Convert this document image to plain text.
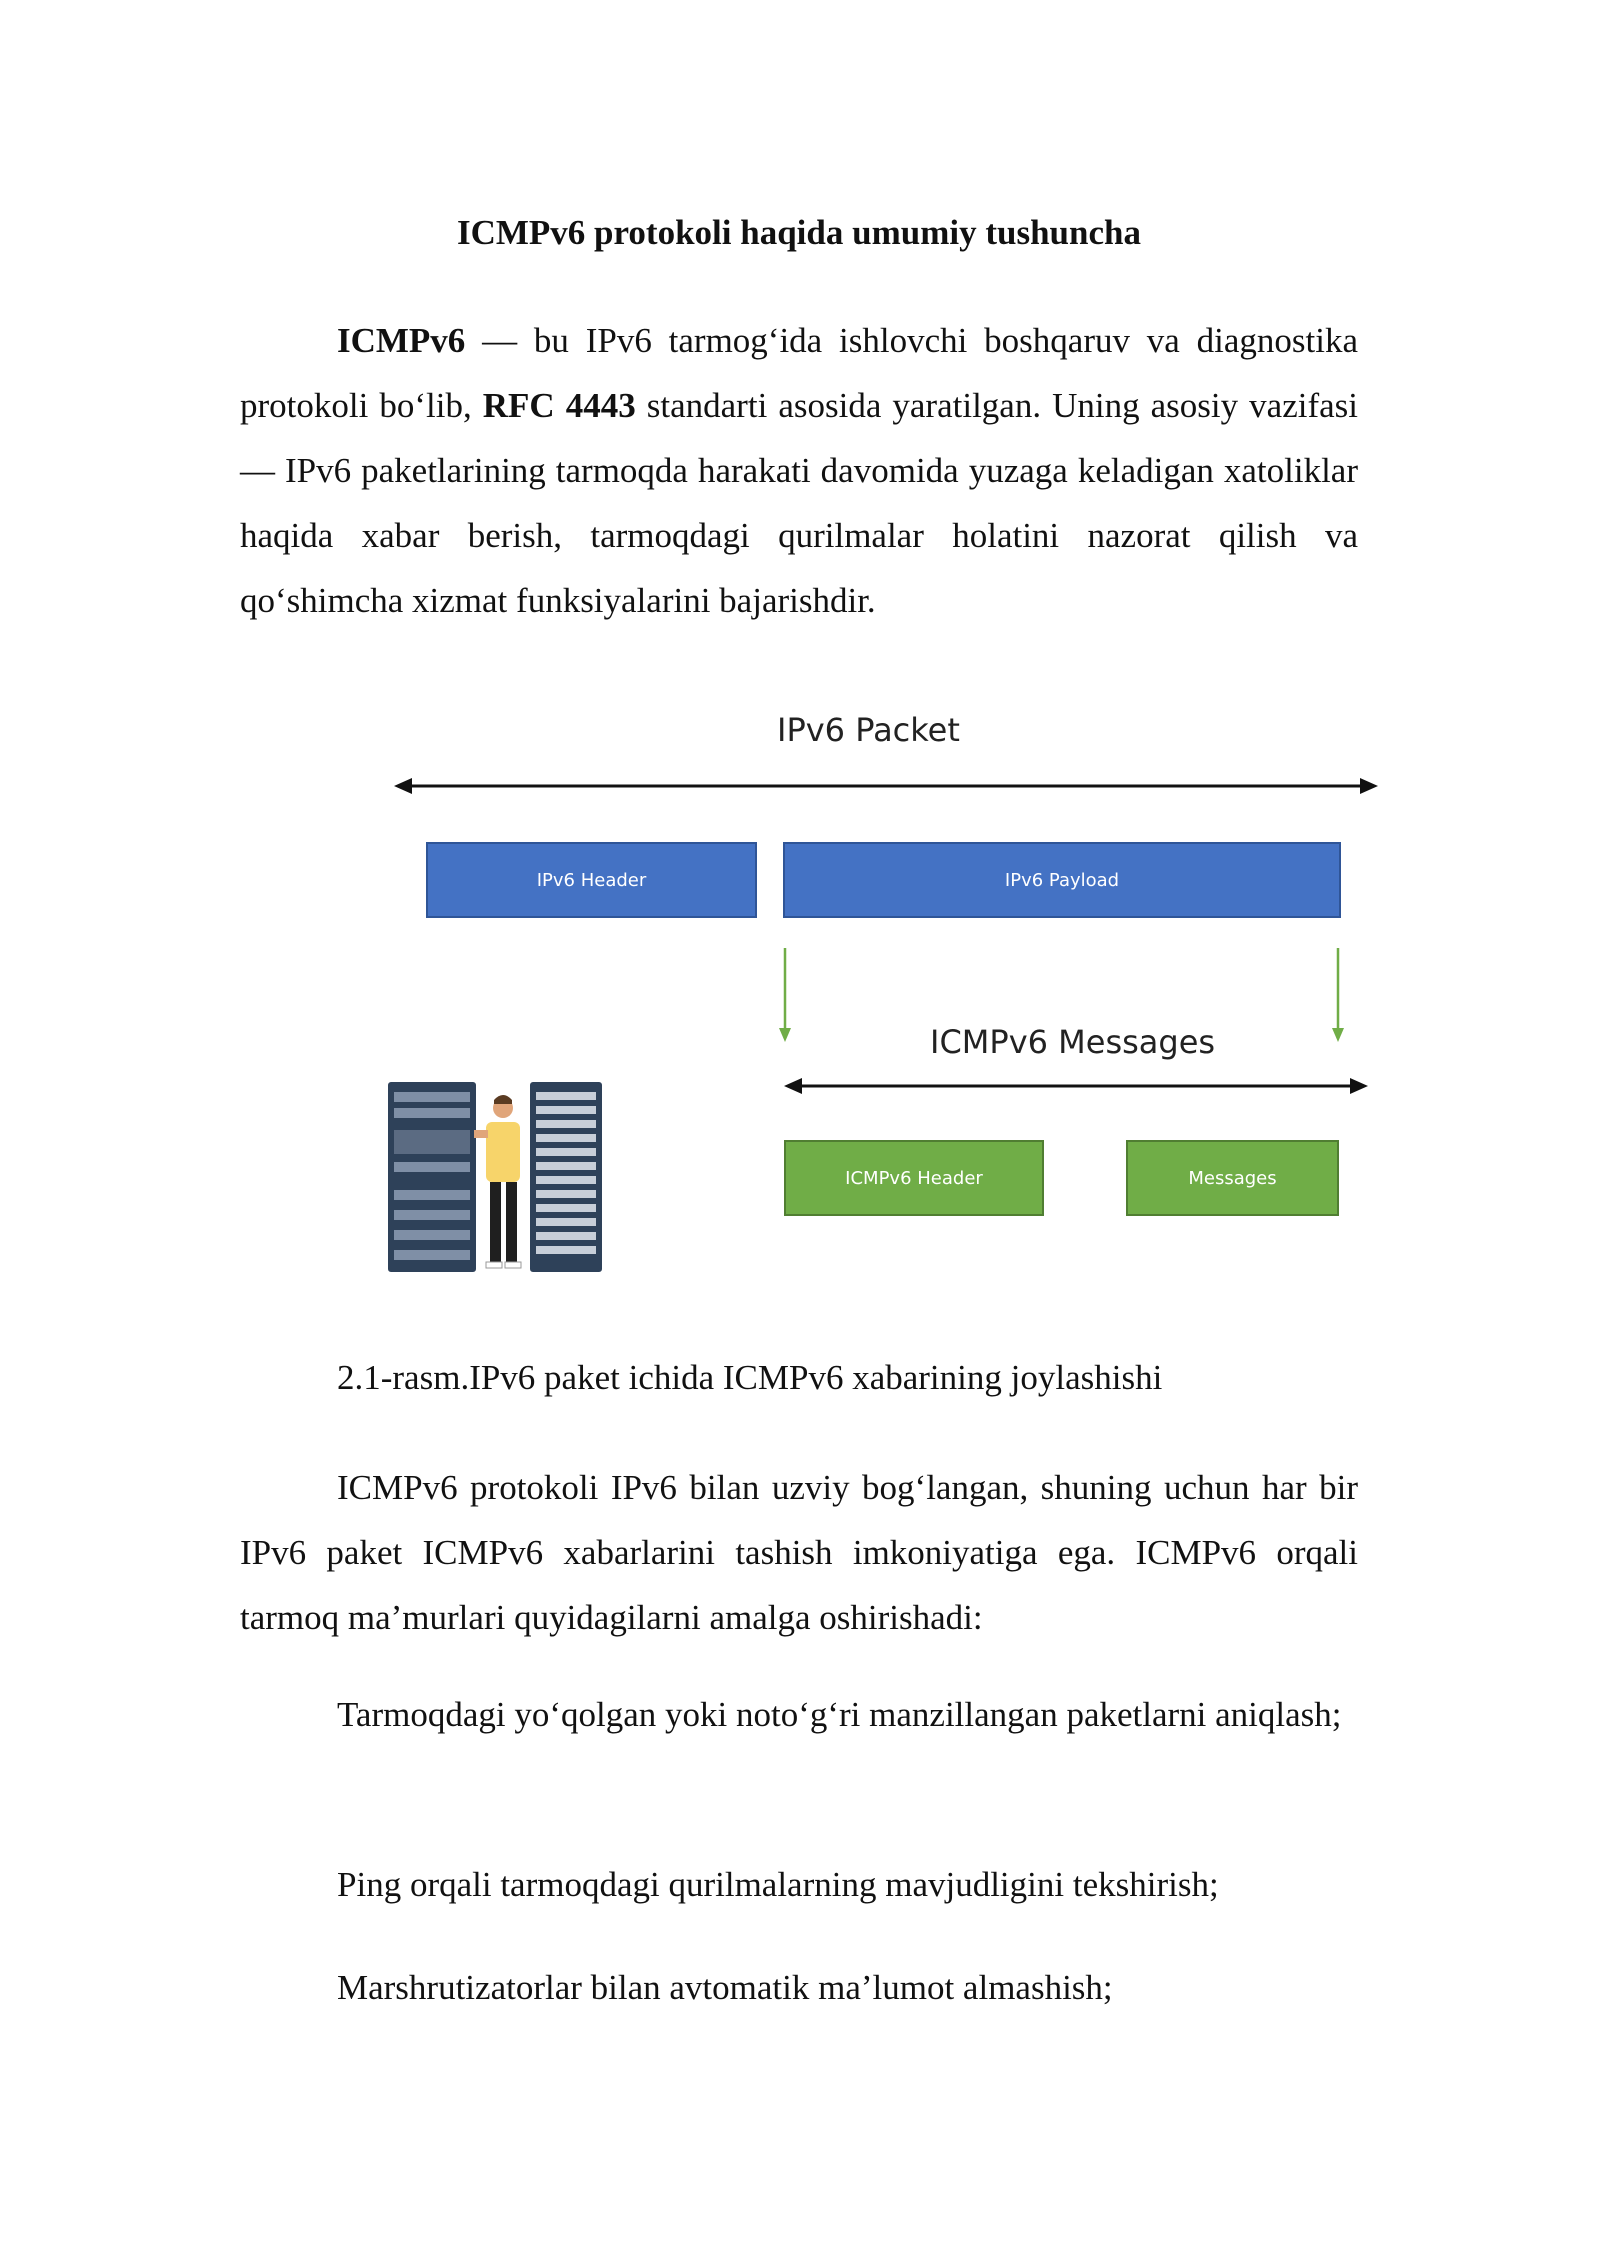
ICMPv6 protokoli haqida umumiy tushuncha

ICMPv6 — bu IPv6 tarmog‘ida ishlovchi boshqaruv va diagnostika protokoli bo‘lib, RFC 4443 standarti asosida yaratilgan. Uning asosiy vazifasi — IPv6 paketlarining tarmoqda harakati davomida yuzaga keladigan xatoliklar haqida xabar berish, tarmoqdagi qurilmalar holatini nazorat qilish va qo‘shimcha xizmat funksiyalarini bajarishdir.

IPv6 Packet
IPv6 Header	IPv6 Payload
ICMPv6 Messages
ICMPv6 Header	Messages

2.1-rasm.IPv6 paket ichida ICMPv6 xabarining joylashishi

ICMPv6 protokoli IPv6 bilan uzviy bog‘langan, shuning uchun har bir IPv6 paket ICMPv6 xabarlarini tashish imkoniyatiga ega. ICMPv6 orqali tarmoq ma’murlari quyidagilarni amalga oshirishadi:

Tarmoqdagi yo‘qolgan yoki noto‘g‘ri manzillangan paketlarni aniqlash;

Ping orqali tarmoqdagi qurilmalarning mavjudligini tekshirish;

Marshrutizatorlar bilan avtomatik ma’lumot almashish;
